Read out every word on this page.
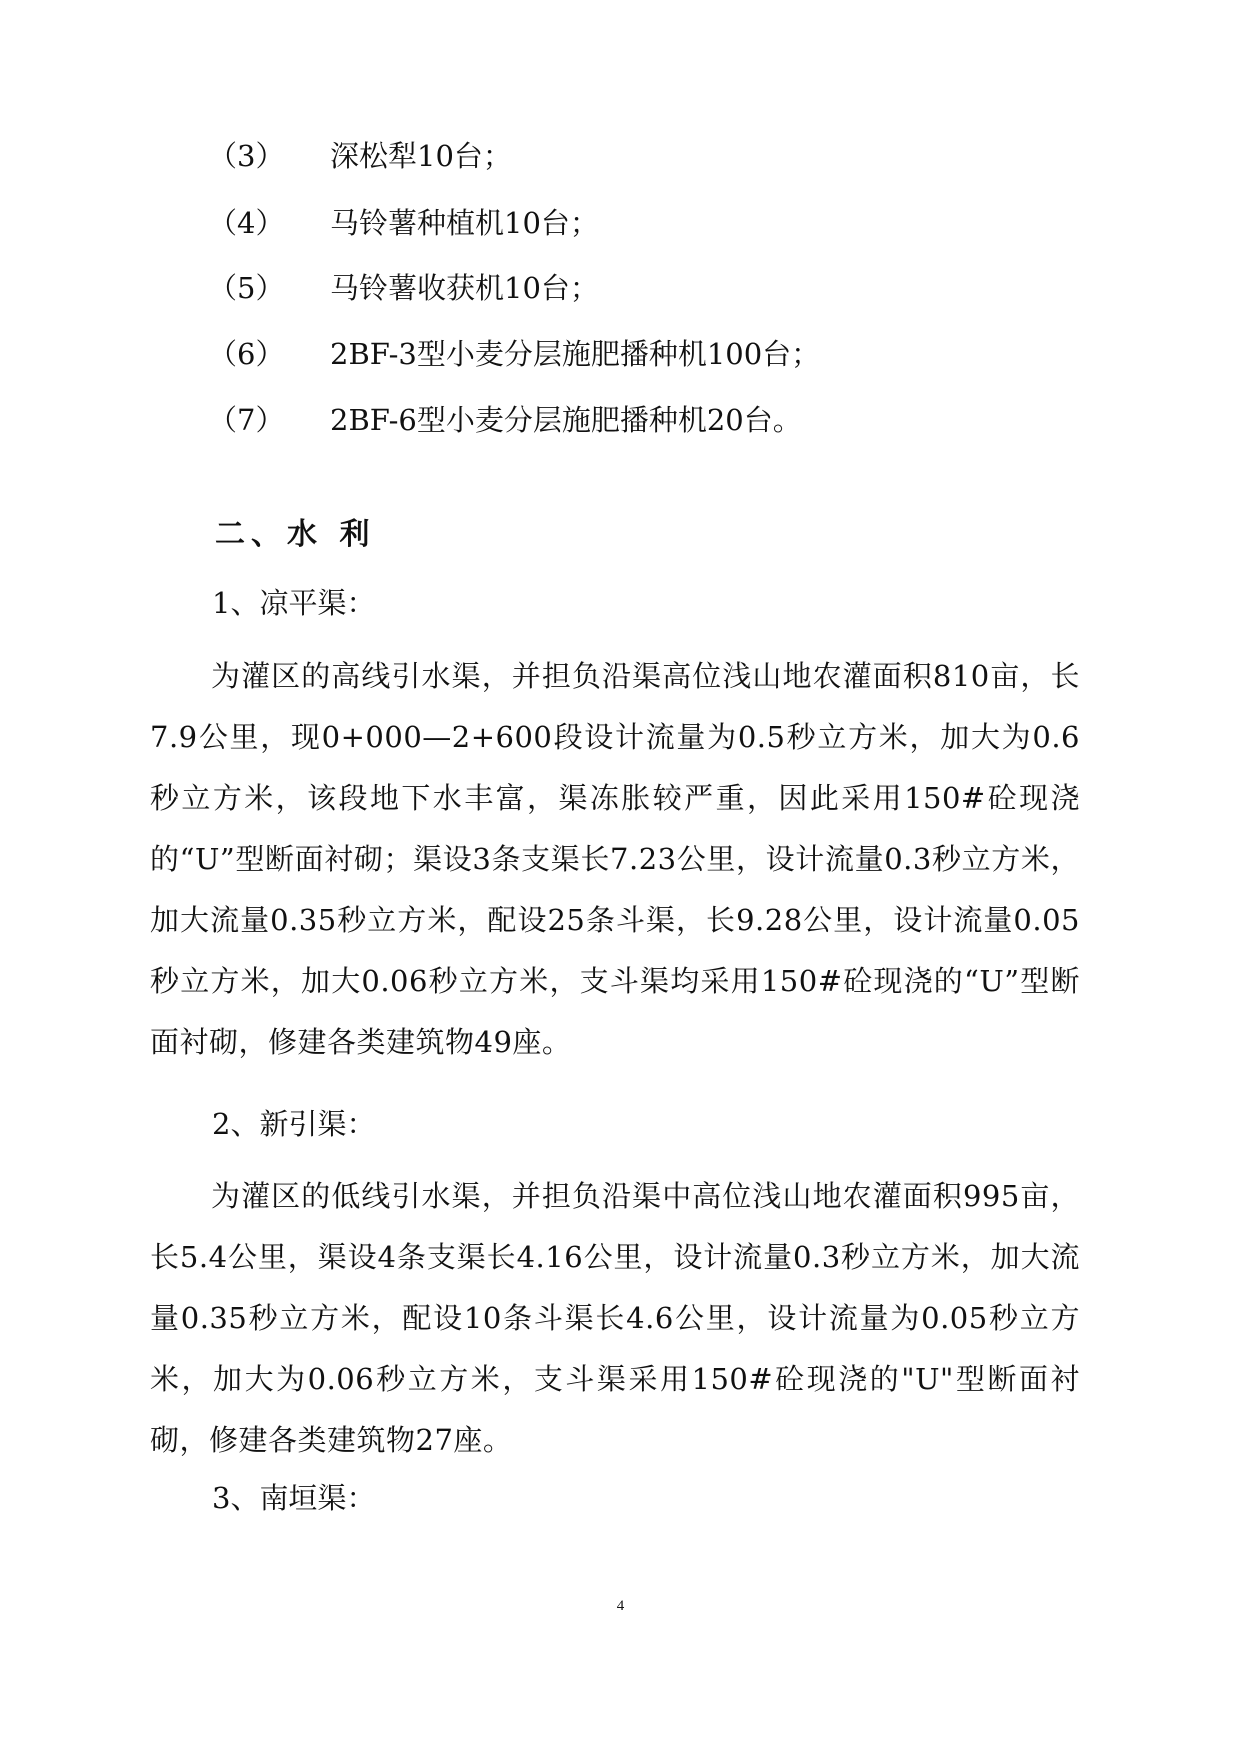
（3）	深松犁10台；
（4）	马铃薯种植机10台；
（5）	马铃薯收获机10台；
（6）	2BF-3型小麦分层施肥播种机100台；
（7）	2BF-6型小麦分层施肥播种机20台。
二、水 利
1、凉平渠：
为灌区的高线引水渠，并担负沿渠高位浅山地农灌面积810亩，长7.9公里，现0+000—2+600段设计流量为0.5秒立方米，加大为0.6秒立方米，该段地下水丰富，渠冻胀较严重，因此采用150#砼现浇的“U”型断面衬砌；渠设3条支渠长7.23公里，设计流量0.3秒立方米，加大流量0.35秒立方米，配设25条斗渠，长9.28公里，设计流量0.05秒立方米，加大0.06秒立方米，支斗渠均采用150#砼现浇的“U”型断面衬砌，修建各类建筑物49座。
2、新引渠：
为灌区的低线引水渠，并担负沿渠中高位浅山地农灌面积995亩，长5.4公里，渠设4条支渠长4.16公里，设计流量0.3秒立方米，加大流量0.35秒立方米，配设10条斗渠长4.6公里，设计流量为0.05秒立方米，加大为0.06秒立方米，支斗渠采用150#砼现浇的"U"型断面衬砌，修建各类建筑物27座。
3、南垣渠：
4
